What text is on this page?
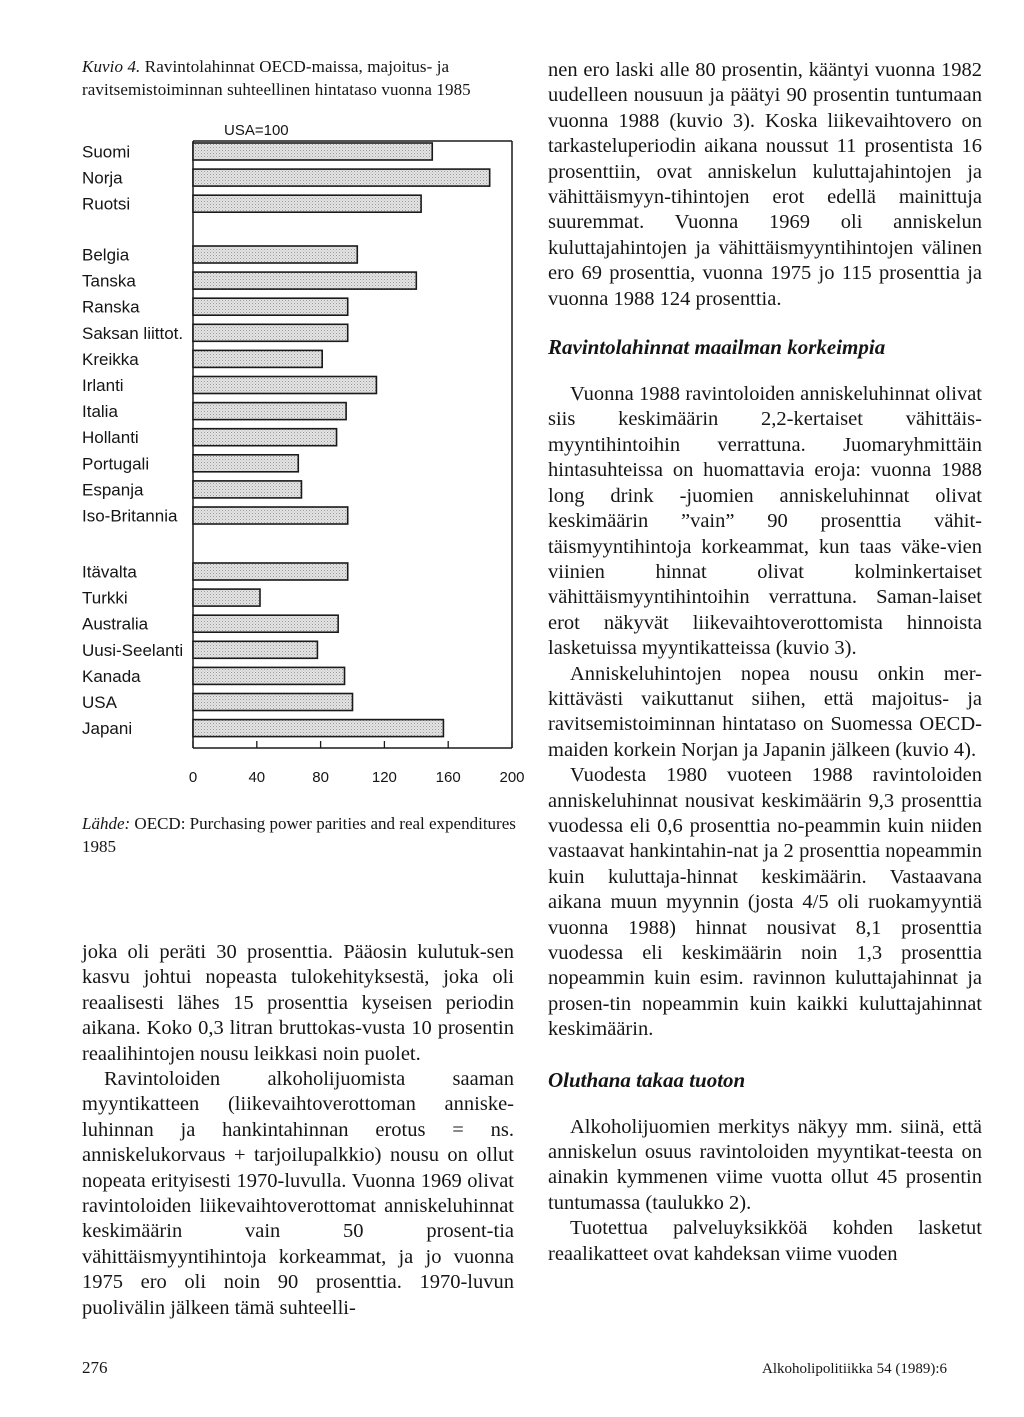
Kuvio 4. Ravintolahinnat OECD-maissa, majoitus- ja ravitsemistoiminnan suhteellinen hintataso vuonna 1985
USA=100
Suomi
Norja
Ruotsi
Belgia
Tanska
Ranska
Saksan liittot.
Kreikka
Irlanti
Italia
Hollanti
Portugali
Espanja
Iso-Britannia
Itävalta
Turkki
Australia
Uusi-Seelanti
Kanada
USA
Japani
0	40	80	120	160	200
Lähde: OECD: Purchasing power parities and real expenditures 1985

joka oli peräti 30 prosenttia. Pääosin kulutuk-sen kasvu johtui nopeasta tulokehityksestä, joka oli reaalisesti lähes 15 prosenttia kyseisen periodin aikana. Koko 0,3 litran bruttokas-vusta 10 prosentin reaalihintojen nousu leikkasi noin puolet.

Ravintoloiden alkoholijuomista saaman myyntikatteen (liikevaihtoverottoman anniske-luhinnan ja hankintahinnan erotus = ns. anniskelukorvaus + tarjoilupalkkio) nousu on ollut nopeata erityisesti 1970-luvulla. Vuonna 1969 olivat ravintoloiden liikevaihtoverottomat anniskeluhinnat keskimäärin vain 50 prosent-tia vähittäismyyntihintoja korkeammat, ja jo vuonna 1975 ero oli noin 90 prosenttia. 1970-luvun puolivälin jälkeen tämä suhteelli-

nen ero laski alle 80 prosentin, kääntyi vuonna 1982 uudelleen nousuun ja päätyi 90 prosentin tuntumaan vuonna 1988 (kuvio 3). Koska liikevaihtovero on tarkasteluperiodin aikana noussut 11 prosentista 16 prosenttiin, ovat anniskelun kuluttajahintojen ja vähittäismyyn-tihintojen erot edellä mainittuja suuremmat. Vuonna 1969 oli anniskelun kuluttajahintojen ja vähittäismyyntihintojen välinen ero 69 prosenttia, vuonna 1975 jo 115 prosenttia ja vuonna 1988 124 prosenttia.

Ravintolahinnat maailman korkeimpia

Vuonna 1988 ravintoloiden anniskeluhinnat olivat siis keskimäärin 2,2-kertaiset vähittäis-myyntihintoihin verrattuna. Juomaryhmittäin hintasuhteissa on huomattavia eroja: vuonna 1988 long drink -juomien anniskeluhinnat olivat keskimäärin ”vain” 90 prosenttia vähit-täismyyntihintoja korkeammat, kun taas väke-vien viinien hinnat olivat kolminkertaiset vähittäismyyntihintoihin verrattuna. Saman-laiset erot näkyvät liikevaihtoverottomista hinnoista lasketuissa myyntikatteissa (kuvio 3).

Anniskeluhintojen nopea nousu onkin mer-kittävästi vaikuttanut siihen, että majoitus- ja ravitsemistoiminnan hintataso on Suomessa OECD-maiden korkein Norjan ja Japanin jälkeen (kuvio 4).

Vuodesta 1980 vuoteen 1988 ravintoloiden anniskeluhinnat nousivat keskimäärin 9,3 prosenttia vuodessa eli 0,6 prosenttia no-peammin kuin niiden vastaavat hankintahin-nat ja 2 prosenttia nopeammin kuin kuluttaja-hinnat keskimäärin. Vastaavana aikana muun myynnin (josta 4/5 oli ruokamyyntiä vuonna 1988) hinnat nousivat 8,1 prosenttia vuodessa eli keskimäärin noin 1,3 prosenttia nopeammin kuin esim. ravinnon kuluttajahinnat ja prosen-tin nopeammin kuin kaikki kuluttajahinnat keskimäärin.

Oluthana takaa tuoton

Alkoholijuomien merkitys näkyy mm. siinä, että anniskelun osuus ravintoloiden myyntikat-teesta on ainakin kymmenen viime vuotta ollut 45 prosentin tuntumassa (taulukko 2).

Tuotettua palveluyksikköä kohden lasketut reaalikatteet ovat kahdeksan viime vuoden

276	Alkoholipolitiikka 54 (1989):6
